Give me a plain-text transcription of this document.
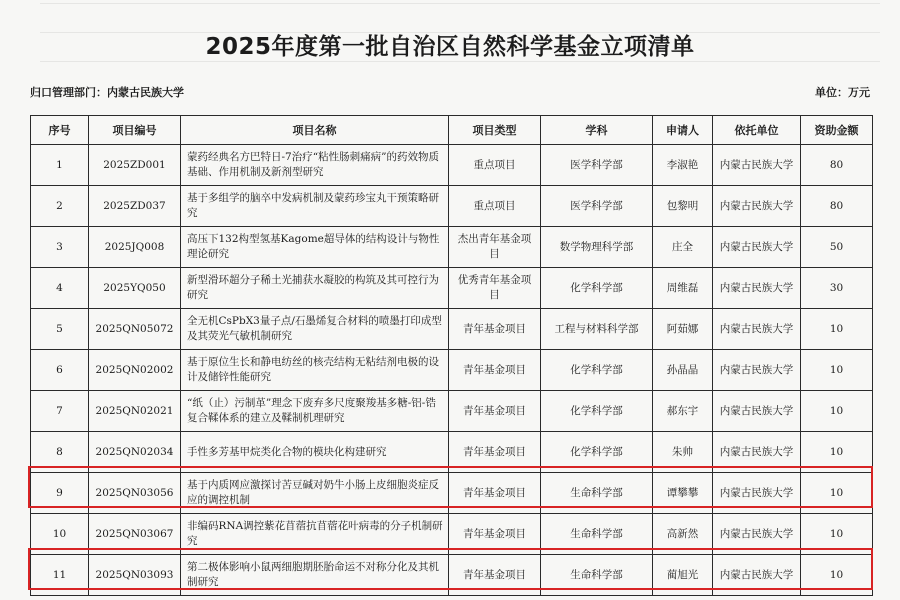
2025年度第一批自治区自然科学基金立项清单
归口管理部门：内蒙古民族大学	单位：万元
序号	项目编号	项目名称	项目类型	学科	申请人	依托单位	资助金额
1	2025ZD001	蒙药经典名方巴特日-7治疗“粘性肠刺痛病”的药效物质基础、作用机制及新剂型研究	重点项目	医学科学部	李淑艳	内蒙古民族大学	80
2	2025ZD037	基于多组学的脑卒中发病机制及蒙药珍宝丸干预策略研究	重点项目	医学科学部	包黎明	内蒙古民族大学	80
3	2025JQ008	高压下132构型氢基Kagome超导体的结构设计与物性理论研究	杰出青年基金项目	数学物理科学部	庄全	内蒙古民族大学	50
4	2025YQ050	新型滑环超分子稀土光捕获水凝胶的构筑及其可控行为研究	优秀青年基金项目	化学科学部	周维磊	内蒙古民族大学	30
5	2025QN05072	全无机CsPbX3量子点/石墨烯复合材料的喷墨打印成型及其荧光气敏机制研究	青年基金项目	工程与材料科学部	阿茹娜	内蒙古民族大学	10
6	2025QN02002	基于原位生长和静电纺丝的核壳结构无粘结剂电极的设计及储锌性能研究	青年基金项目	化学科学部	孙晶晶	内蒙古民族大学	10
7	2025QN02021	“纸（止）污制革”理念下废弃多尺度聚羧基多糖-铝-锆复合鞣体系的建立及鞣制机理研究	青年基金项目	化学科学部	郝东宇	内蒙古民族大学	10
8	2025QN02034	手性多芳基甲烷类化合物的模块化构建研究	青年基金项目	化学科学部	朱帅	内蒙古民族大学	10
9	2025QN03056	基于内质网应激探讨苦豆碱对奶牛小肠上皮细胞炎症反应的调控机制	青年基金项目	生命科学部	谭攀攀	内蒙古民族大学	10
10	2025QN03067	非编码RNA调控紫花苜蓿抗苜蓿花叶病毒的分子机制研究	青年基金项目	生命科学部	高新然	内蒙古民族大学	10
11	2025QN03093	第二极体影响小鼠两细胞期胚胎命运不对称分化及其机制研究	青年基金项目	生命科学部	蔺旭光	内蒙古民族大学	10
